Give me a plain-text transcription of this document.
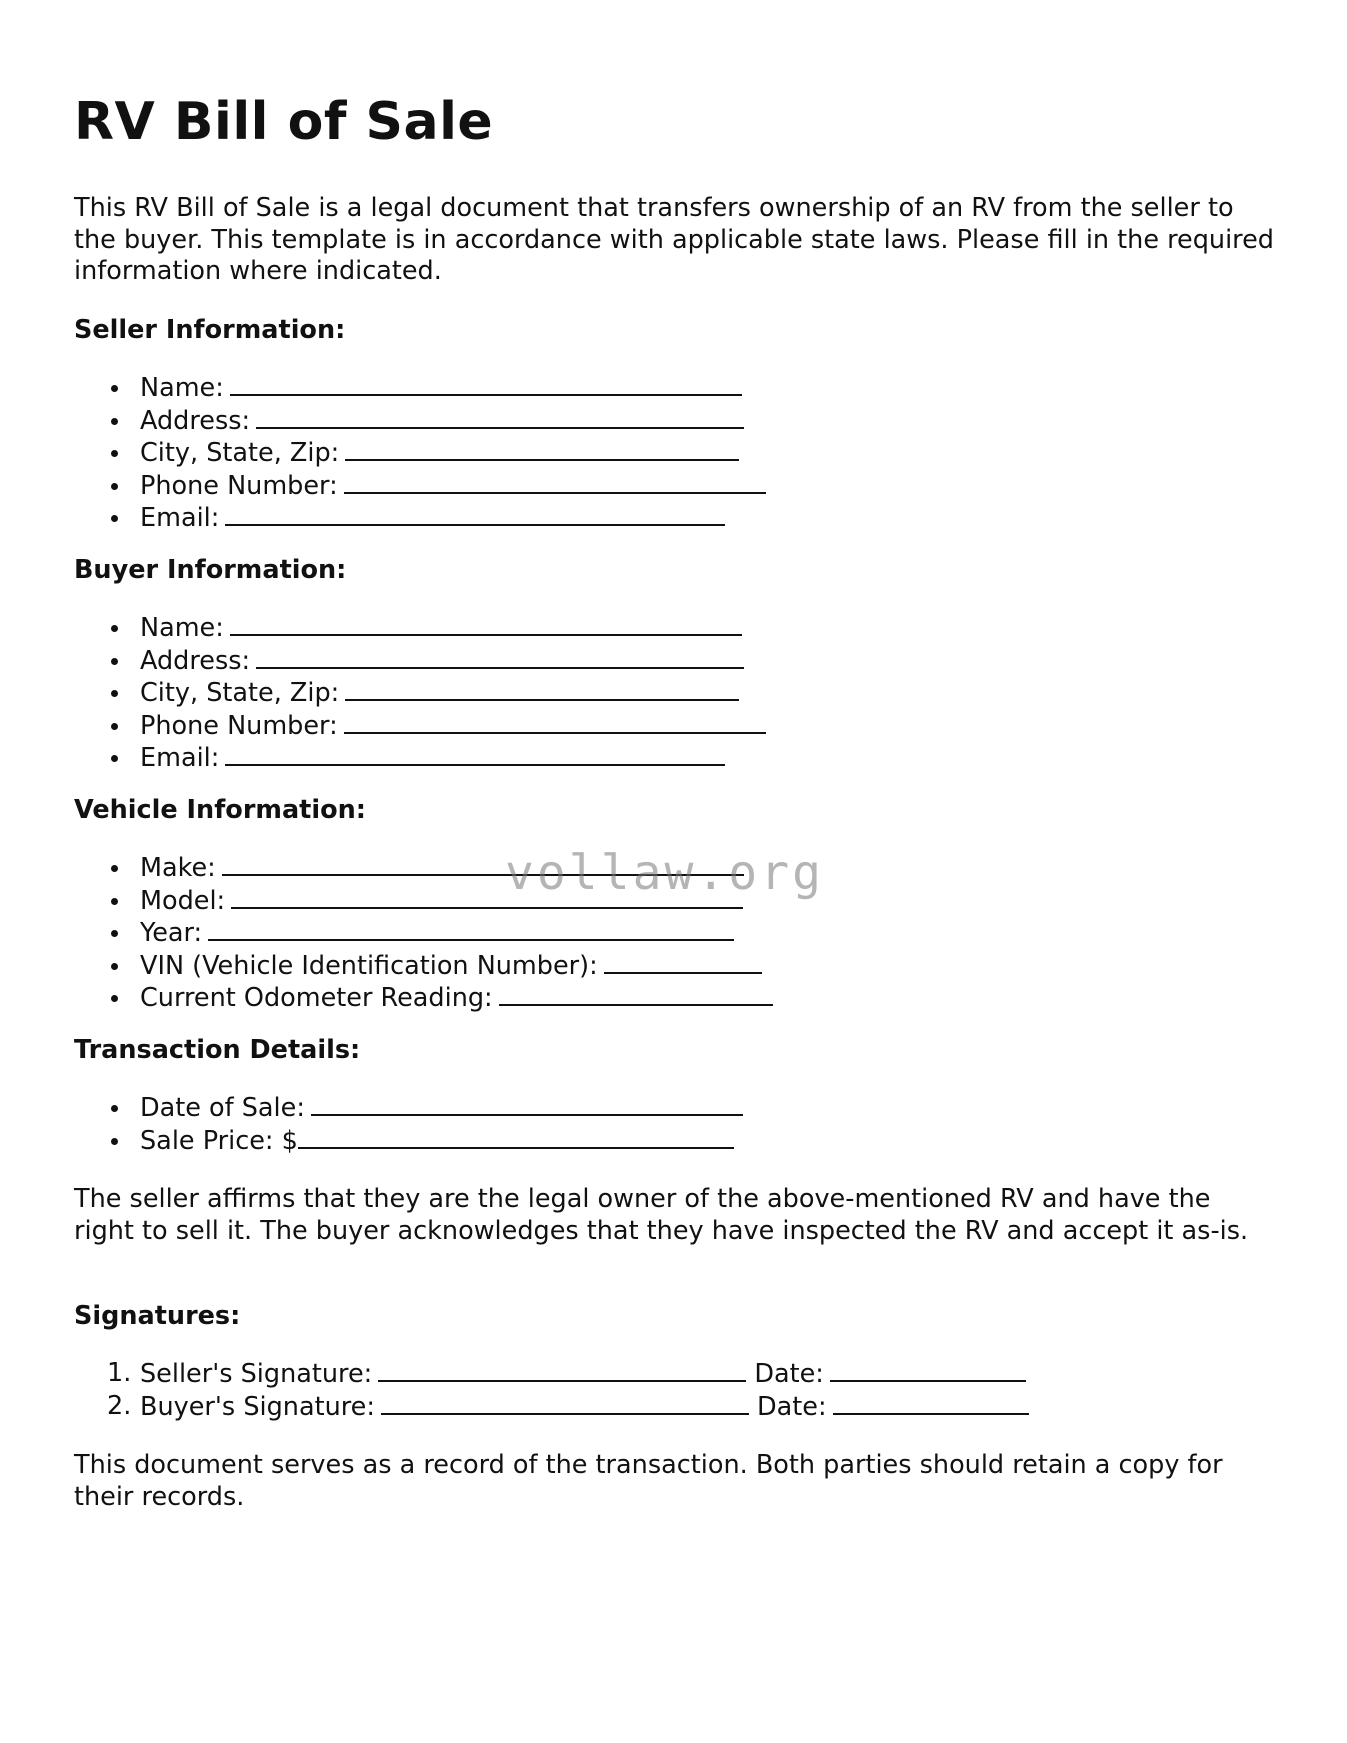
RV Bill of Sale

This RV Bill of Sale is a legal document that transfers ownership of an RV from the seller to the buyer. This template is in accordance with applicable state laws. Please fill in the required information where indicated.

Seller Information:
Name:
Address:
City, State, Zip:
Phone Number:
Email:
Buyer Information:
Name:
Address:
City, State, Zip:
Phone Number:
Email:
Vehicle Information:
Make:
Model:
Year:
VIN (Vehicle Identification Number):
Current Odometer Reading:
Transaction Details:
Date of Sale:
Sale Price: $

The seller affirms that they are the legal owner of the above-mentioned RV and have the right to sell it. The buyer acknowledges that they have inspected the RV and accept it as-is.

Signatures:
1. Seller's Signature:	Date:
2. Buyer's Signature:	Date:

This document serves as a record of the transaction. Both parties should retain a copy for their records.

vollaw.org
